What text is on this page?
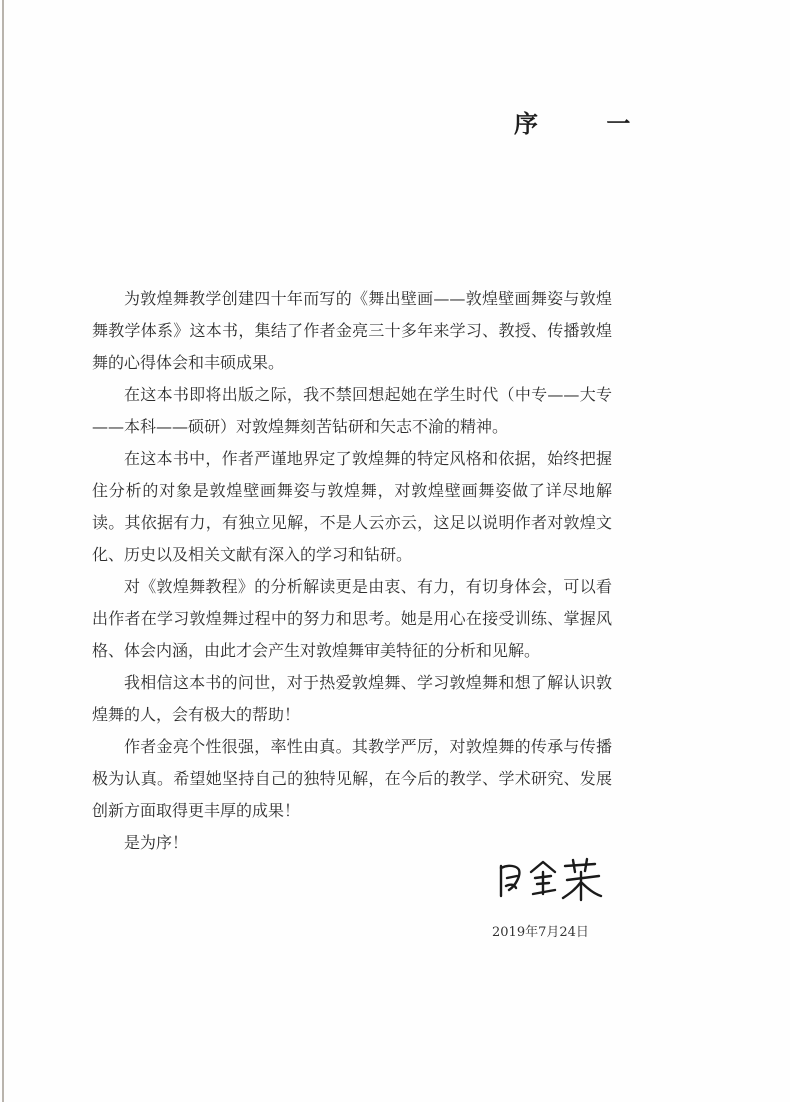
序 一

为敦煌舞教学创建四十年而写的《舞出壁画——敦煌壁画舞姿与敦煌舞教学体系》这本书，集结了作者金亮三十多年来学习、教授、传播敦煌舞的心得体会和丰硕成果。

在这本书即将出版之际，我不禁回想起她在学生时代（中专——大专——本科——硕研）对敦煌舞刻苦钻研和矢志不渝的精神。

在这本书中，作者严谨地界定了敦煌舞的特定风格和依据，始终把握住分析的对象是敦煌壁画舞姿与敦煌舞，对敦煌壁画舞姿做了详尽地解读。其依据有力，有独立见解，不是人云亦云，这足以说明作者对敦煌文化、历史以及相关文献有深入的学习和钻研。

对《敦煌舞教程》的分析解读更是由衷、有力，有切身体会，可以看出作者在学习敦煌舞过程中的努力和思考。她是用心在接受训练、掌握风格、体会内涵，由此才会产生对敦煌舞审美特征的分析和见解。

我相信这本书的问世，对于热爱敦煌舞、学习敦煌舞和想了解认识敦煌舞的人，会有极大的帮助！

作者金亮个性很强，率性由真。其教学严厉，对敦煌舞的传承与传播极为认真。希望她坚持自己的独特见解，在今后的教学、学术研究、发展创新方面取得更丰厚的成果！

是为序！

2019年7月24日
